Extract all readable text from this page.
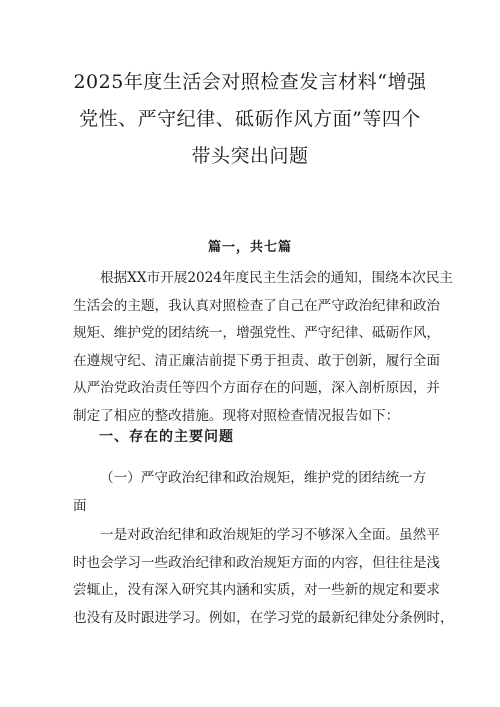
2025年度生活会对照检查发言材料“增强
党性、严守纪律、砥砺作风方面”等四个
带头突出问题
篇一，共七篇

根据XX市开展2024年度民主生活会的通知，围绕本次民主
生活会的主题，我认真对照检查了自己在严守政治纪律和政治
规矩、维护党的团结统一，增强党性、严守纪律、砥砺作风，
在遵规守纪、清正廉洁前提下勇于担责、敢于创新，履行全面
从严治党政治责任等四个方面存在的问题，深入剖析原因，并
制定了相应的整改措施。现将对照检查情况报告如下：

一、存在的主要问题

（一）严守政治纪律和政治规矩，维护党的团结统一方
面

一是对政治纪律和政治规矩的学习不够深入全面。虽然平
时也会学习一些政治纪律和政治规矩方面的内容，但往往是浅
尝辄止，没有深入研究其内涵和实质，对一些新的规定和要求
也没有及时跟进学习。例如，在学习党的最新纪律处分条例时，
